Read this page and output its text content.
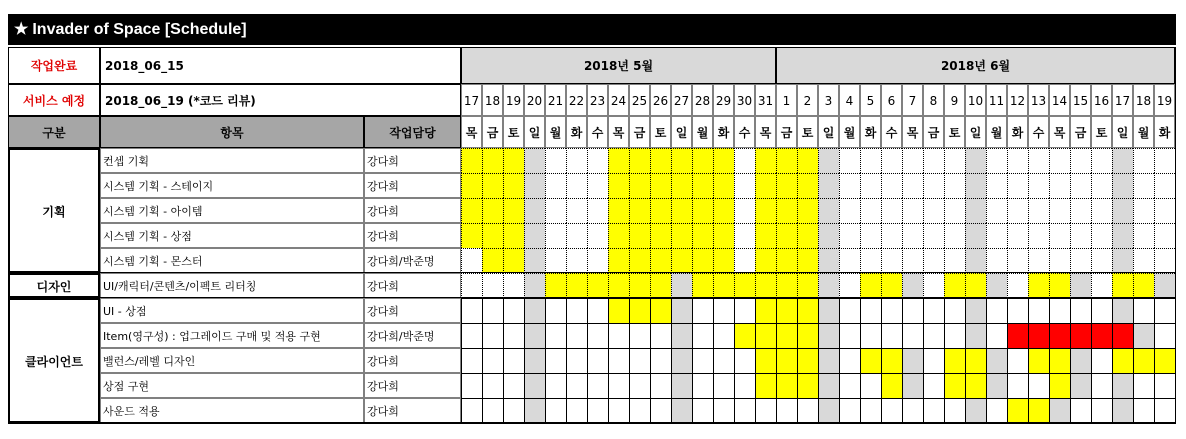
★ Invader of Space [Schedule]
작업완료	2018_06_15
서비스 예정	2018_06_19 (*코드 리뷰)
2018년 5월	2018년 6월
17 18 19 20 21 22 23 24 25 26 27 28 29 30 31 1	2	3	4	5	6	7	8	9 10 11 12 13 14 15 16 17 18 19
구분	항목	작업담당	목 금 토 일 월 화 수 목 금 토 일 월 화 수 목 금 토 일 월 화 수 목 금 토 일 월 화 수 목 금 토 일 월 화
기획
컨셉 기획	강다희
시스템 기획 - 스테이지	강다희
시스템 기획 - 아이템	강다희
시스템 기획 - 상점	강다희
시스템 기획 - 몬스터	강다희/박준명
디자인	UI/캐릭터/콘텐츠/이펙트 리터칭	강다희
클라이언트
UI - 상점	강다희
Item(영구성) : 업그레이드 구매 및 적용 구현	강다희/박준명
밸런스/레벨 디자인	강다희
상점 구현	강다희
사운드 적용	강다희
